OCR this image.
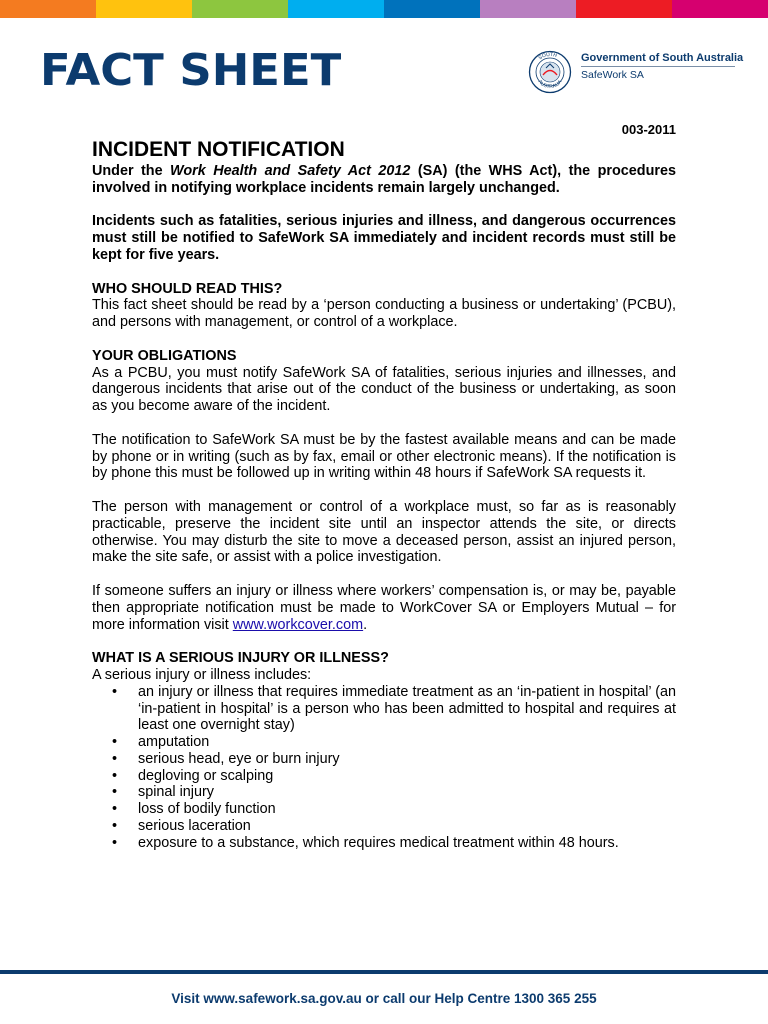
FACT SHEET	SOUTH
AUSTRALIA
Government of South Australia
SafeWork SA
003-2011
INCIDENT NOTIFICATION

Under the Work Health and Safety Act 2012 (SA) (the WHS Act), the procedures involved in notifying workplace incidents remain largely unchanged.

Incidents such as fatalities, serious injuries and illness, and dangerous occurrences must still be notified to SafeWork SA immediately and incident records must still be kept for five years.

WHO SHOULD READ THIS?

This fact sheet should be read by a ‘person conducting a business or undertaking’ (PCBU), and persons with management, or control of a workplace.

YOUR OBLIGATIONS

As a PCBU, you must notify SafeWork SA of fatalities, serious injuries and illnesses, and dangerous incidents that arise out of the conduct of the business or undertaking, as soon as you become aware of the incident.

The notification to SafeWork SA must be by the fastest available means and can be made by phone or in writing (such as by fax, email or other electronic means). If the notification is by phone this must be followed up in writing within 48 hours if SafeWork SA requests it.

The person with management or control of a workplace must, so far as is reasonably practicable, preserve the incident site until an inspector attends the site, or directs otherwise. You may disturb the site to move a deceased person, assist an injured person, make the site safe, or assist with a police investigation.

If someone suffers an injury or illness where workers’ compensation is, or may be, payable then appropriate notification must be made to WorkCover SA or Employers Mutual – for more information visit www.workcover.com.

WHAT IS A SERIOUS INJURY OR ILLNESS?

A serious injury or illness includes:

• an injury or illness that requires immediate treatment as an ‘in-patient in hospital’ (an ‘in-patient in hospital’ is a person who has been admitted to hospital and requires at least one overnight stay)
• amputation
• serious head, eye or burn injury
• degloving or scalping
• spinal injury
• loss of bodily function
• serious laceration
• exposure to a substance, which requires medical treatment within 48 hours.
Visit www.safework.sa.gov.au or call our Help Centre 1300 365 255
